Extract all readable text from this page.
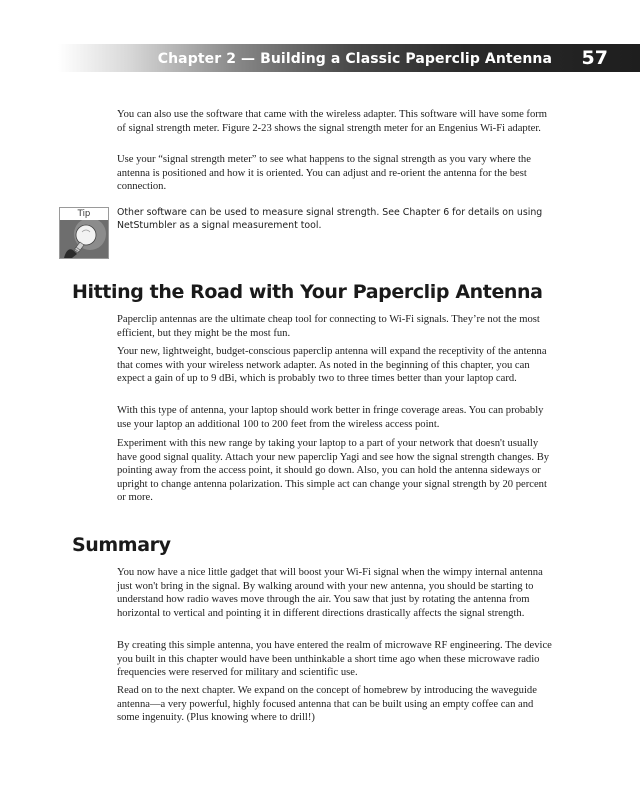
Chapter 2 — Building a Classic Paperclip Antenna 57

You can also use the software that came with the wireless adapter. This software will have some form of signal strength meter. Figure 2-23 shows the signal strength meter for an Engenius Wi-Fi adapter.

Use your “signal strength meter” to see what happens to the signal strength as you vary where the antenna is positioned and how it is oriented. You can adjust and re-orient the antenna for the best connection.

Tip	Other software can be used to measure signal strength. See Chapter 6 for details on using NetStumbler as a signal measurement tool.

Hitting the Road with Your Paperclip Antenna

Paperclip antennas are the ultimate cheap tool for connecting to Wi-Fi signals. They’re not the most efficient, but they might be the most fun.

Your new, lightweight, budget-conscious paperclip antenna will expand the receptivity of the antenna that comes with your wireless network adapter. As noted in the beginning of this chapter, you can expect a gain of up to 9 dBi, which is probably two to three times better than your laptop card.

With this type of antenna, your laptop should work better in fringe coverage areas. You can probably use your laptop an additional 100 to 200 feet from the wireless access point.

Experiment with this new range by taking your laptop to a part of your network that doesn't usually have good signal quality. Attach your new paperclip Yagi and see how the signal strength changes. By pointing away from the access point, it should go down. Also, you can hold the antenna sideways or upright to change antenna polarization. This simple act can change your signal strength by 20 percent or more.

Summary

You now have a nice little gadget that will boost your Wi-Fi signal when the wimpy internal antenna just won't bring in the signal. By walking around with your new antenna, you should be starting to understand how radio waves move through the air. You saw that just by rotating the antenna from horizontal to vertical and pointing it in different directions drastically affects the signal strength.

By creating this simple antenna, you have entered the realm of microwave RF engineering. The device you built in this chapter would have been unthinkable a short time ago when these microwave radio frequencies were reserved for military and scientific use.

Read on to the next chapter. We expand on the concept of homebrew by introducing the waveguide antenna—a very powerful, highly focused antenna that can be built using an empty coffee can and some ingenuity. (Plus knowing where to drill!)
